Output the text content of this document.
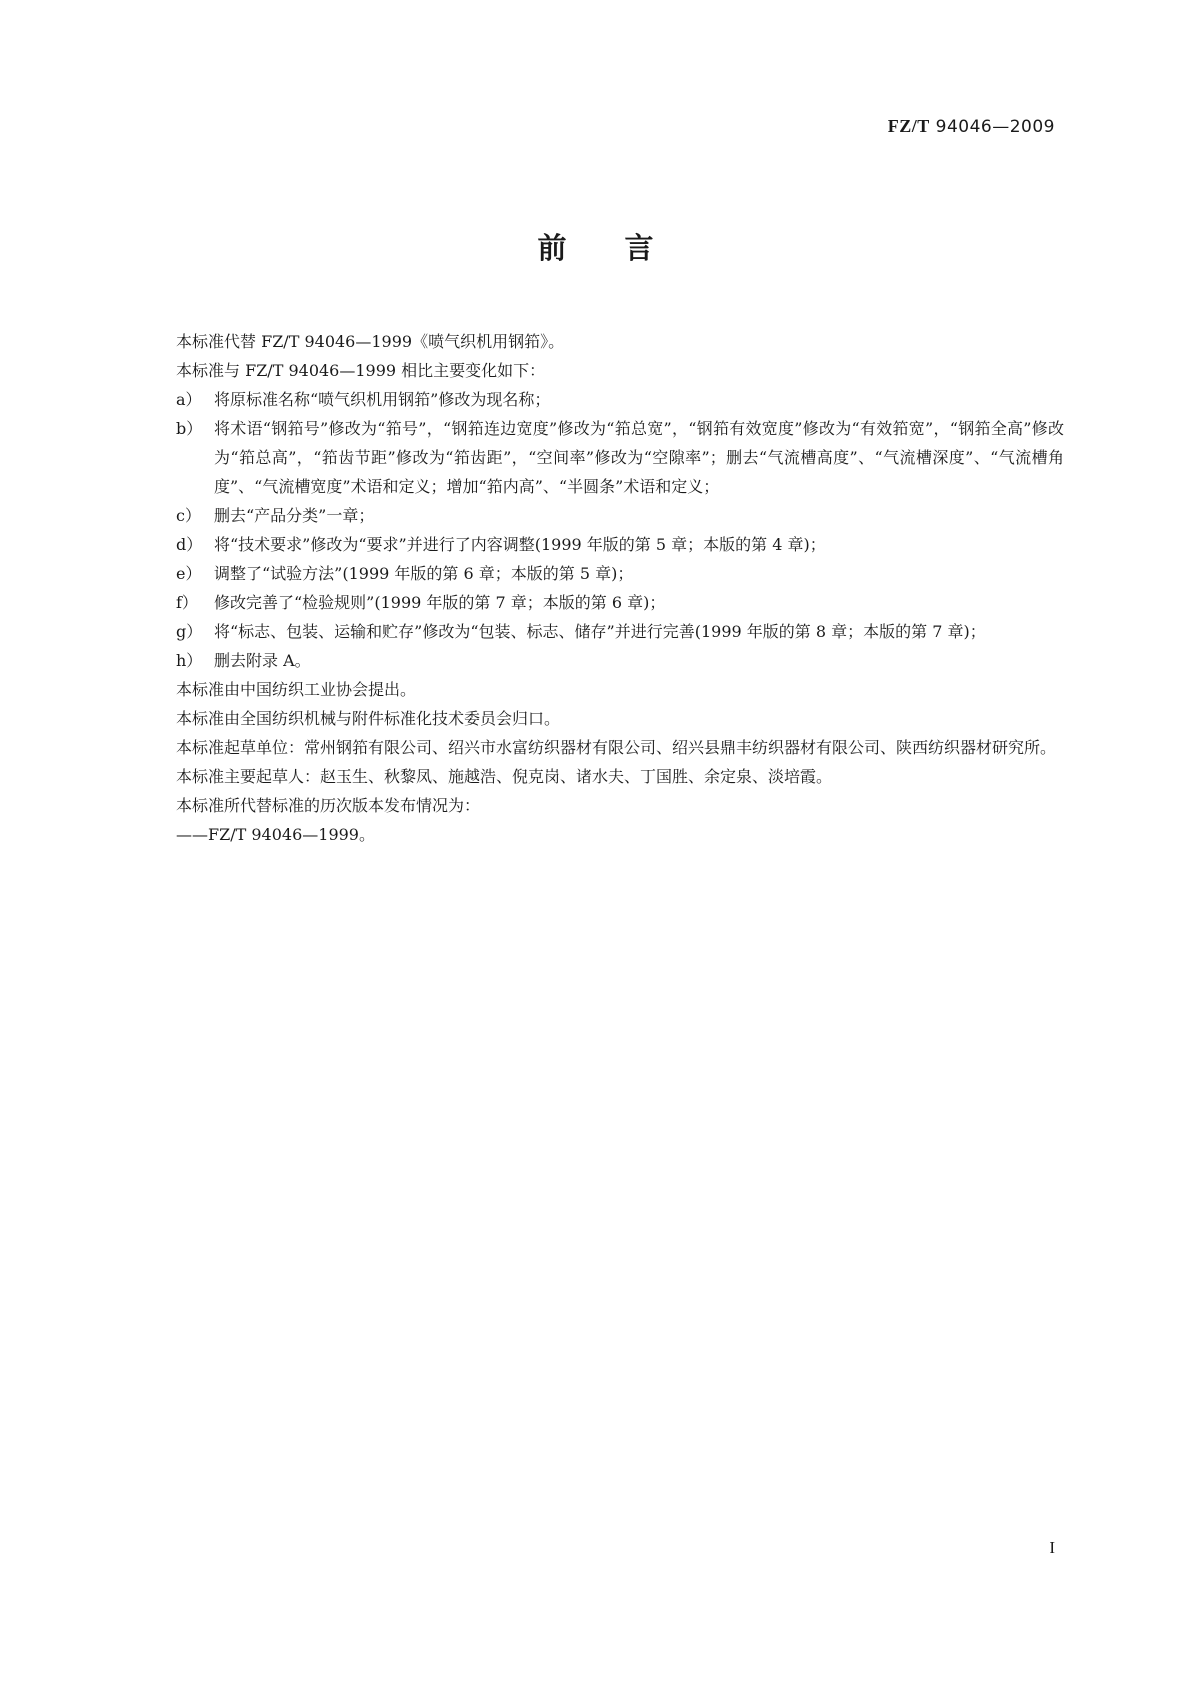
FZ/T 94046—2009
前言

本标准代替 FZ/T 94046—1999《喷气织机用钢筘》。

本标准与 FZ/T 94046—1999 相比主要变化如下：

a） 将原标准名称“喷气织机用钢筘”修改为现名称；
b） 将术语“钢筘号”修改为“筘号”，“钢筘连边宽度”修改为“筘总宽”，“钢筘有效宽度”修改为“有效筘宽”，“钢筘全高”修改为“筘总高”，“筘齿节距”修改为“筘齿距”，“空间率”修改为“空隙率”；删去“气流槽高度”、“气流槽深度”、“气流槽角度”、“气流槽宽度”术语和定义；增加“筘内高”、“半圆条”术语和定义；
c） 删去“产品分类”一章；
d） 将“技术要求”修改为“要求”并进行了内容调整(1999 年版的第 5 章；本版的第 4 章)；
e） 调整了“试验方法”(1999 年版的第 6 章；本版的第 5 章)；
f）	修改完善了“检验规则”(1999 年版的第 7 章；本版的第 6 章)；
g） 将“标志、包装、运输和贮存”修改为“包装、标志、储存”并进行完善(1999 年版的第 8 章；本版的第 7 章)；
h） 删去附录 A。

本标准由中国纺织工业协会提出。

本标准由全国纺织机械与附件标准化技术委员会归口。

本标准起草单位：常州钢筘有限公司、绍兴市水富纺织器材有限公司、绍兴县鼎丰纺织器材有限公司、陕西纺织器材研究所。

本标准主要起草人：赵玉生、秋黎凤、施越浩、倪克岗、诸水夫、丁国胜、余定泉、淡培霞。

本标准所代替标准的历次版本发布情况为：

——FZ/T 94046—1999。

I
